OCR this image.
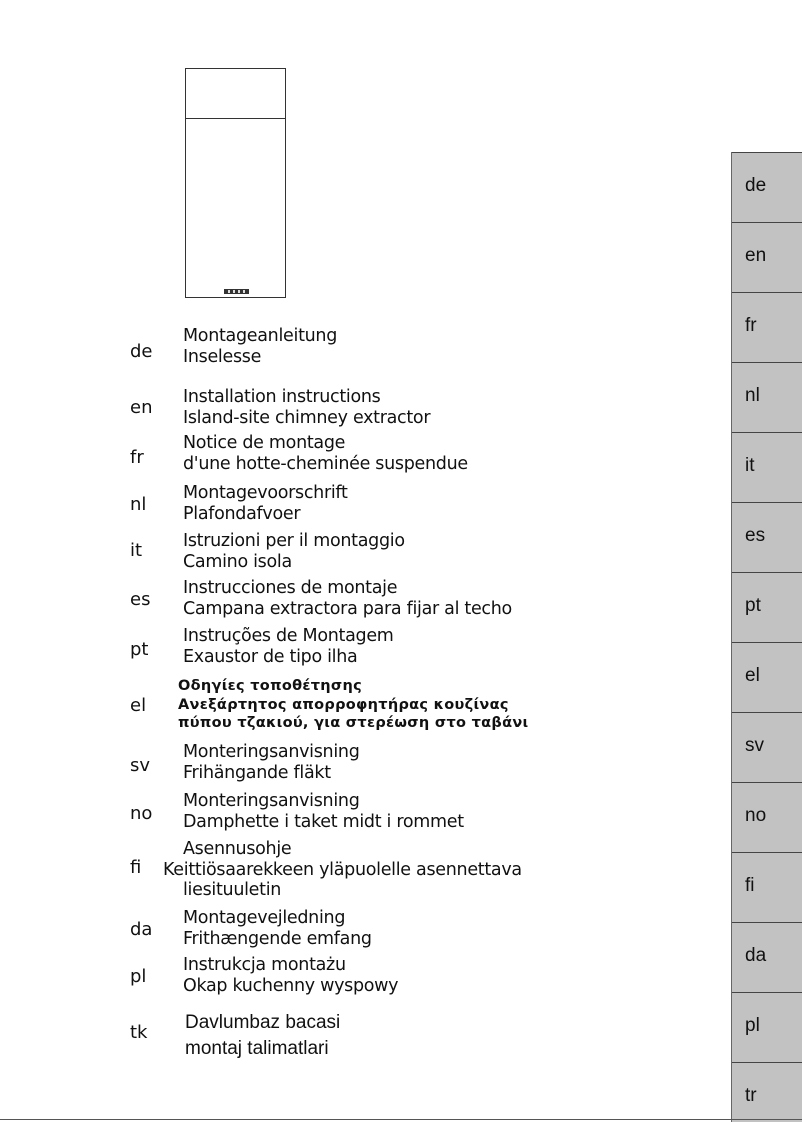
de
Montageanleitung
Inselesse
en Installation instructions
Island-site chimney extractor
fr
Notice de montage
d'une hotte-cheminée suspendue
nl
Montagevoorschrift
Plafondafvoer
it Istruzioni per il montaggio
Camino isola
es
Instrucciones de montaje
Campana extractora para fijar al techo
pt
Instruções de Montagem
Exaustor de tipo ilha
el
Οδηγίες τοποθέτησης
Ανεξάρτητος απορροφητήρας κουζίνας
πύπου τζακιού, για στερέωση στο ταβάνι
sv
Monteringsanvisning
Frihängande fläkt
no
Monteringsanvisning
Damphette i taket midt i rommet
fi
Asennusohje
Keittiösaarekkeen yläpuolelle asennettava
liesituuletin
da
Montagevejledning
Frithængende emfang
pl
Instrukcja montażu
Okap kuchenny wyspowy
tk Davlumbaz bacasi
montaj talimatlari
de
en
fr
nl
it
es
pt
el
sv
no
fi
da
pl
tr
